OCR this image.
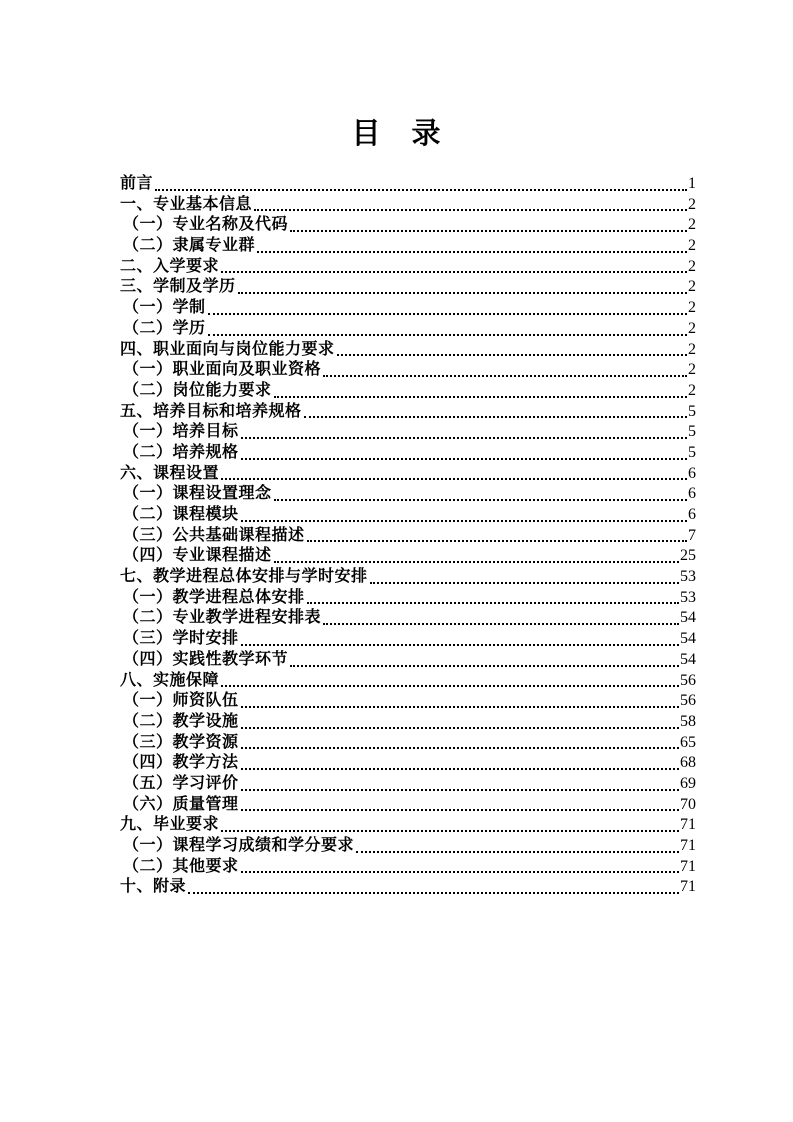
目　录
前言	1
一、专业基本信息	2
（一）专业名称及代码	2
（二）隶属专业群	2
二、入学要求	2
三、学制及学历	2
（一）学制	2
（二）学历	2
四、职业面向与岗位能力要求	2
（一）职业面向及职业资格	2
（二）岗位能力要求	2
五、培养目标和培养规格	5
（一）培养目标	5
（二）培养规格	5
六、课程设置	6
（一）课程设置理念	6
（二）课程模块	6
（三）公共基础课程描述	7
（四）专业课程描述	25
七、教学进程总体安排与学时安排	53
（一）教学进程总体安排	53
（二）专业教学进程安排表	54
（三）学时安排	54
（四）实践性教学环节	54
八、实施保障	56
（一）师资队伍	56
（二）教学设施	58
（三）教学资源	65
（四）教学方法	68
（五）学习评价	69
（六）质量管理	70
九、毕业要求	71
（一）课程学习成绩和学分要求	71
（二）其他要求	71
十、附录	71
